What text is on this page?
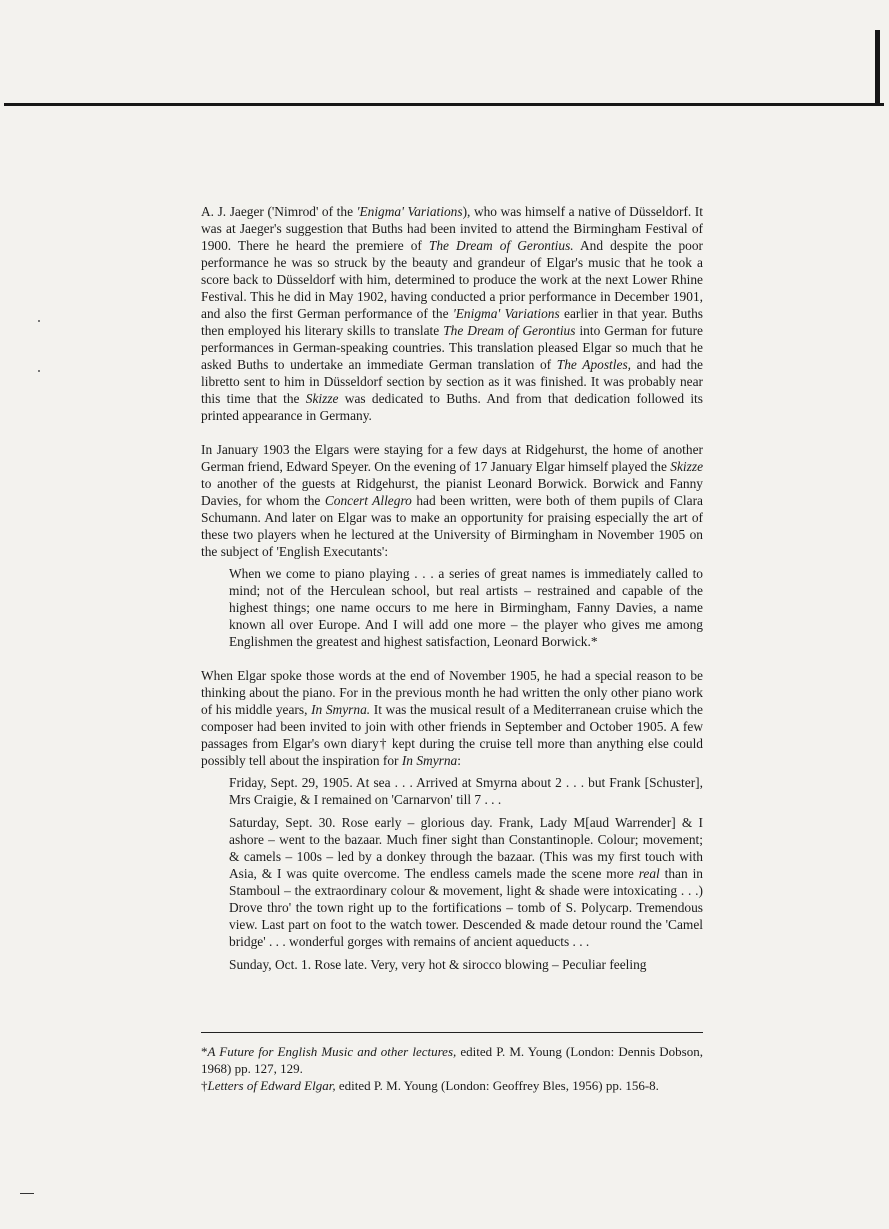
A. J. Jaeger ('Nimrod' of the 'Enigma' Variations), who was himself a native of Düsseldorf. It was at Jaeger's suggestion that Buths had been invited to attend the Birmingham Festival of 1900. There he heard the premiere of The Dream of Gerontius. And despite the poor performance he was so struck by the beauty and grandeur of Elgar's music that he took a score back to Düsseldorf with him, determined to produce the work at the next Lower Rhine Festival. This he did in May 1902, having conducted a prior performance in December 1901, and also the first German performance of the 'Enigma' Variations earlier in that year. Buths then employed his literary skills to translate The Dream of Gerontius into German for future performances in German-speaking countries. This translation pleased Elgar so much that he asked Buths to undertake an immediate German translation of The Apostles, and had the libretto sent to him in Düsseldorf section by section as it was finished. It was probably near this time that the Skizze was dedicated to Buths. And from that dedication followed its printed appearance in Germany.

In January 1903 the Elgars were staying for a few days at Ridgehurst, the home of another German friend, Edward Speyer. On the evening of 17 January Elgar himself played the Skizze to another of the guests at Ridgehurst, the pianist Leonard Borwick. Borwick and Fanny Davies, for whom the Concert Allegro had been written, were both of them pupils of Clara Schumann. And later on Elgar was to make an opportunity for praising especially the art of these two players when he lectured at the University of Birmingham in November 1905 on the subject of 'English Executants':

When we come to piano playing . . . a series of great names is immediately called to mind; not of the Herculean school, but real artists – restrained and capable of the highest things; one name occurs to me here in Birmingham, Fanny Davies, a name known all over Europe. And I will add one more – the player who gives me among Englishmen the greatest and highest satisfaction, Leonard Borwick.*

When Elgar spoke those words at the end of November 1905, he had a special reason to be thinking about the piano. For in the previous month he had written the only other piano work of his middle years, In Smyrna. It was the musical result of a Mediterranean cruise which the composer had been invited to join with other friends in September and October 1905. A few passages from Elgar's own diary† kept during the cruise tell more than anything else could possibly tell about the inspiration for In Smyrna:

Friday, Sept. 29, 1905. At sea . . . Arrived at Smyrna about 2 . . . but Frank [Schuster], Mrs Craigie, & I remained on 'Carnarvon' till 7 . . .

Saturday, Sept. 30. Rose early – glorious day. Frank, Lady M[aud Warrender] & I ashore – went to the bazaar. Much finer sight than Constantinople. Colour; movement; & camels – 100s – led by a donkey through the bazaar. (This was my first touch with Asia, & I was quite overcome. The endless camels made the scene more real than in Stamboul – the extraordinary colour & movement, light & shade were intoxicating . . .) Drove thro' the town right up to the fortifications – tomb of S. Polycarp. Tremendous view. Last part on foot to the watch tower. Descended & made detour round the 'Camel bridge' . . . wonderful gorges with remains of ancient aqueducts . . .

Sunday, Oct. 1. Rose late. Very, very hot & sirocco blowing – Peculiar feeling

*A Future for English Music and other lectures, edited P. M. Young (London: Dennis Dobson, 1968) pp. 127, 129.

†Letters of Edward Elgar, edited P. M. Young (London: Geoffrey Bles, 1956) pp. 156-8.
